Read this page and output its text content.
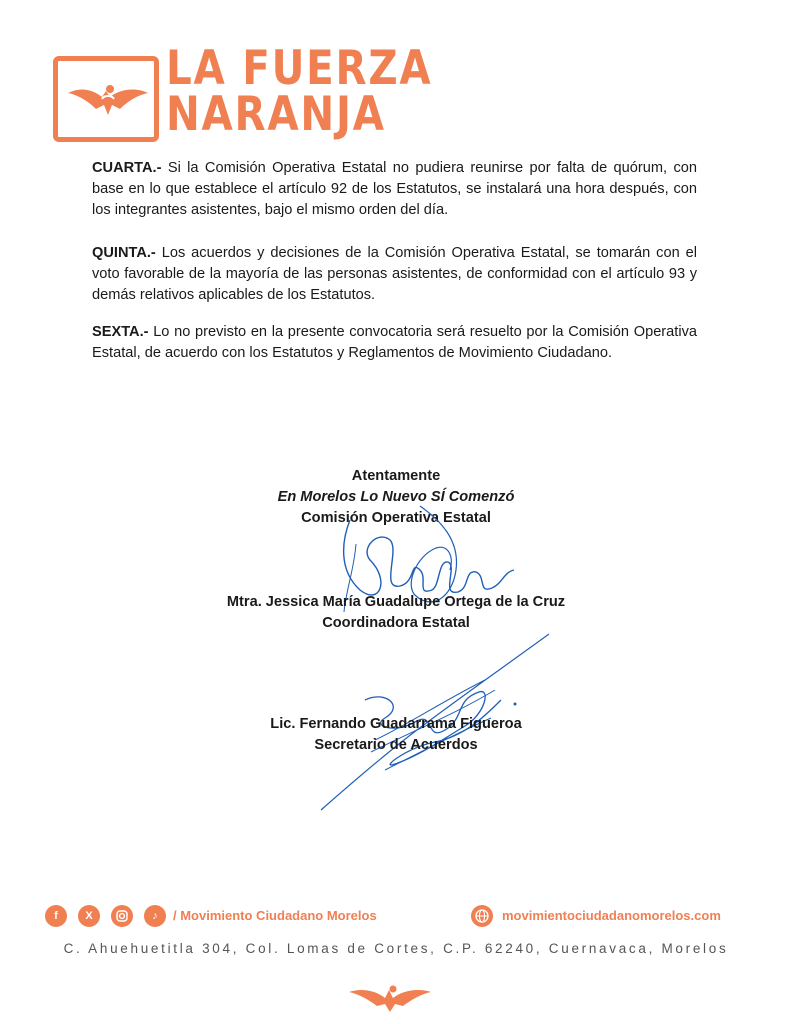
LA FUERZA
NARANJA
CUARTA.- Si la Comisión Operativa Estatal no pudiera reunirse por falta de quórum, con base en lo que establece el artículo 92 de los Estatutos, se instalará una hora después, con los integrantes asistentes, bajo el mismo orden del día.
QUINTA.- Los acuerdos y decisiones de la Comisión Operativa Estatal, se tomarán con el voto favorable de la mayoría de las personas asistentes, de conformidad con el artículo 93 y demás relativos aplicables de los Estatutos.
SEXTA.- Lo no previsto en la presente convocatoria será resuelto por la Comisión Operativa Estatal, de acuerdo con los Estatutos y Reglamentos de Movimiento Ciudadano.
Atentamente
En Morelos Lo Nuevo SÍ Comenzó
Comisión Operativa Estatal
Mtra. Jessica María Guadalupe Ortega de la Cruz
Coordinadora Estatal
Lic. Fernando Guadarrama Figueroa
Secretario de Acuerdos
f	X	♪	/ Movimiento Ciudadano Morelos	movimientociudadanomorelos.com
C. Ahuehuetitla 304, Col. Lomas de Cortes, C.P. 62240, Cuernavaca, Morelos
